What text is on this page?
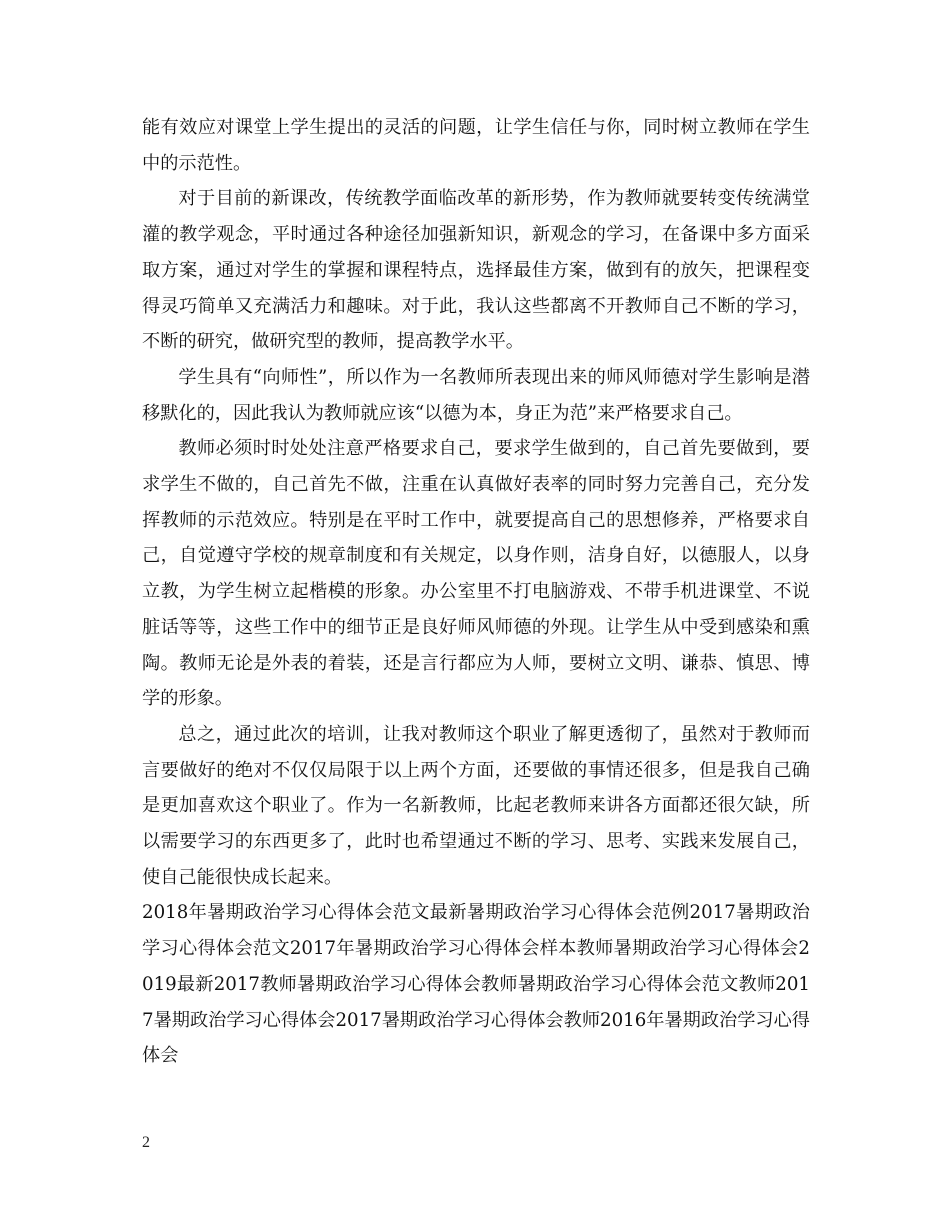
能有效应对课堂上学生提出的灵活的问题，让学生信任与你，同时树立教师在学生中的示范性。

对于目前的新课改，传统教学面临改革的新形势，作为教师就要转变传统满堂灌的教学观念，平时通过各种途径加强新知识，新观念的学习，在备课中多方面采取方案，通过对学生的掌握和课程特点，选择最佳方案，做到有的放矢，把课程变得灵巧简单又充满活力和趣味。对于此，我认这些都离不开教师自己不断的学习，不断的研究，做研究型的教师，提高教学水平。

学生具有“向师性”，所以作为一名教师所表现出来的师风师德对学生影响是潜移默化的，因此我认为教师就应该“以德为本，身正为范”来严格要求自己。

教师必须时时处处注意严格要求自己，要求学生做到的，自己首先要做到，要求学生不做的，自己首先不做，注重在认真做好表率的同时努力完善自己，充分发挥教师的示范效应。特别是在平时工作中，就要提高自己的思想修养，严格要求自己，自觉遵守学校的规章制度和有关规定，以身作则，洁身自好，以德服人，以身立教，为学生树立起楷模的形象。办公室里不打电脑游戏、不带手机进课堂、不说脏话等等，这些工作中的细节正是良好师风师德的外现。让学生从中受到感染和熏陶。教师无论是外表的着装，还是言行都应为人师，要树立文明、谦恭、慎思、博学的形象。

总之，通过此次的培训，让我对教师这个职业了解更透彻了，虽然对于教师而言要做好的绝对不仅仅局限于以上两个方面，还要做的事情还很多，但是我自己确是更加喜欢这个职业了。作为一名新教师，比起老教师来讲各方面都还很欠缺，所以需要学习的东西更多了，此时也希望通过不断的学习、思考、实践来发展自己，使自己能很快成长起来。

2018年暑期政治学习心得体会范文最新暑期政治学习心得体会范例2017暑期政治学习心得体会范文2017年暑期政治学习心得体会样本教师暑期政治学习心得体会2019最新2017教师暑期政治学习心得体会教师暑期政治学习心得体会范文教师2017暑期政治学习心得体会2017暑期政治学习心得体会教师2016年暑期政治学习心得体会

2
